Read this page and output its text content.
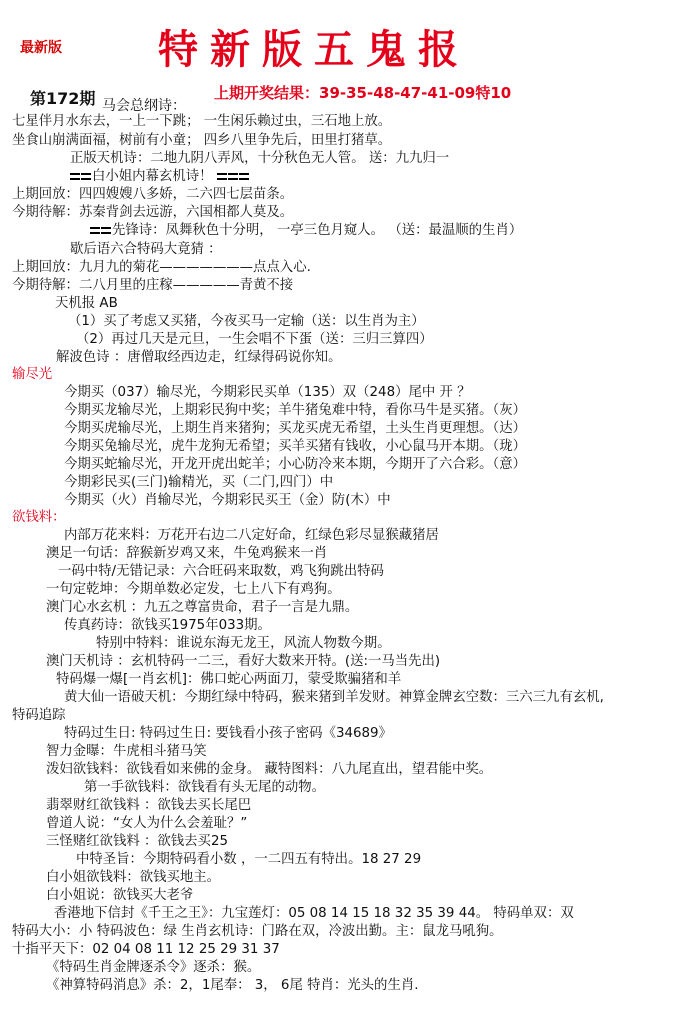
最新版 特新版五鬼报
第172期 马会总纲诗：
上期开奖结果：39-35-48-47-41-09特10
七星伴月水东去，一上一下跳； 一生闲乐赖过虫，三石地上放。
坐食山崩满面福，树前有小童； 四乡八里争先后，田里打猪草。
正版天机诗：二地九阴八弄风，十分秋色无人管。 送：九九归一
白小姐内幕玄机诗！
上期回放：四四嫂嫂八多娇，二六四七层苗条。
今期待解：苏秦背剑去远游，六国相都人莫及。
先锋诗：凤舞秋色十分明， 一亭三色月窥人。 （送：最温顺的生肖）
歇后语六合特码大竟猜 ：
上期回放：九月九的菊花———————点点入心.
今期待解：二八月里的庄稼—————青黄不接
天机报 AB
（1）买了考虑又买猪，今夜买马一定输（送：以生肖为主）
（2）再过几天是元旦，一生会唱不下蛋（送：三归三算四）
解波色诗 ：唐僧取经西边走，红绿得码说你知。
输尽光
今期买（037）输尽光，今期彩民买单（135）双（248）尾中 开 ？
今期买龙输尽光，上期彩民狗中奖；羊牛猪兔难中特，看你马牛是买猪。（灰）
今期买虎输尽光，上期生肖来猪狗；买龙买虎无希望，土头生肖更理想。（达）
今期买兔输尽光，虎牛龙狗无希望；买羊买猪有钱收，小心鼠马开本期。（珑）
今期买蛇输尽光，开龙开虎出蛇羊；小心防冷来本期，今期开了六合彩。（意）
今期彩民买(三门)输精光，买（二门,四门）中
今期买（火）肖输尽光，今期彩民买王（金）防(木）中
欲钱料：
内部万花来料：万花开右边二八定好命，红绿色彩尽显猴藏猪居
澳足一句话：辞猴新岁鸡又来，牛兔鸡猴来一肖
一码中特/无错记录：六合旺码来取数，鸡飞狗跳出特码
一句定乾坤：今期单数必定发，七上八下有鸡狗。
澳门心水玄机 ：九五之尊富贵命，君子一言是九鼎。
传真药诗：欲钱买1975年033期。
特别中特料：谁说东海无龙王，风流人物数今期。
澳门天机诗 ：玄机特码一二三，看好大数来开特。(送:一马当先出)
特码爆一爆[一肖玄机]：佛口蛇心两面刀，蒙受欺骗猪和羊
黄大仙一语破天机：今期红绿中特码，猴来猪到羊发财。神算金牌玄空数：三六三九有玄机,
特码追踪
特码过生日: 特码过生日: 要钱看小孩子密码《34689》
智力金曝：牛虎相斗猪马笑
泼妇欲钱料：欲钱看如来佛的金身。 藏特图料：八九尾直出，望君能中奖。
第一手欲钱料：欲钱看有头无尾的动物。
翡翠财红欲钱料 ：欲钱去买长尾巴
曾道人说：“女人为什么会羞耻？”
三怪赌红欲钱料 ：欲钱去买25
中特圣旨：今期特码看小数 ，一二四五有特出。18 27 29
白小姐欲钱料：欲钱买地主。
白小姐说：欲钱买大老爷
香港地下信封《千王之王》：九宝莲灯：05 08 14 15 18 32 35 39 44。 特码单双：双
特码大小：小 特码波色：绿 生肖玄机诗：门路在双，冷波出勤。主：鼠龙马吼狗。
十指平天下：02 04 08 11 12 25 29 31 37
《特码生肖金牌逐杀令》逐杀：猴。
《神算特码消息》杀：2，1尾奉： 3， 6尾 特肖：光头的生肖.
